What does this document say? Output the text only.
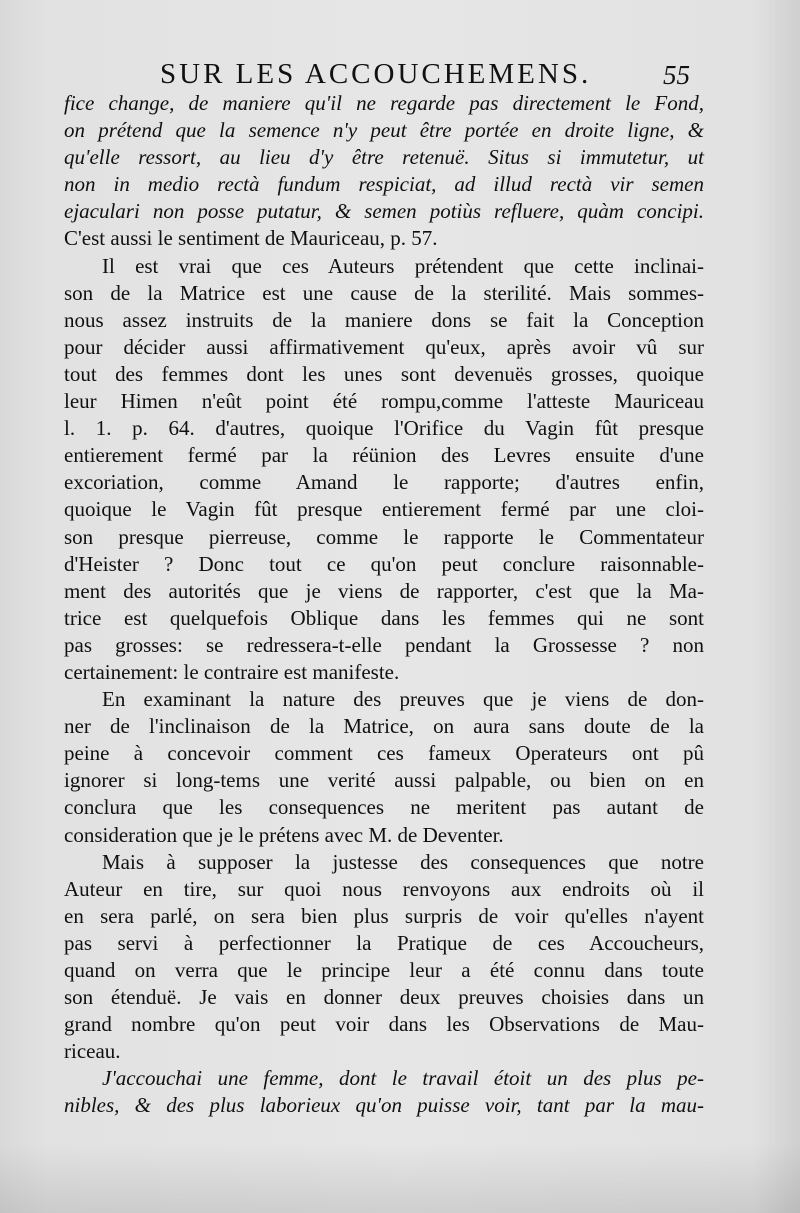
SUR LES ACCOUCHEMENS.	55
fice change, de maniere qu'il ne regarde pas directement le Fond,
on prétend que la semence n'y peut être portée en droite ligne, &
qu'elle ressort, au lieu d'y être retenuë. Situs si immutetur, ut
non in medio rectà fundum respiciat, ad illud rectà vir semen
ejaculari non posse putatur, & semen potiùs refluere, quàm concipi.
C'est aussi le sentiment de Mauriceau, p. 57.
Il est vrai que ces Auteurs prétendent que cette inclinai-
son de la Matrice est une cause de la sterilité. Mais sommes-
nous assez instruits de la maniere dons se fait la Conception
pour décider aussi affirmativement qu'eux, après avoir vû sur
tout des femmes dont les unes sont devenuës grosses, quoique
leur Himen n'eût point été rompu,comme l'atteste Mauriceau
l. 1. p. 64. d'autres, quoique l'Orifice du Vagin fût presque
entierement fermé par la réünion des Levres ensuite d'une
excoriation, comme Amand le rapporte; d'autres enfin,
quoique le Vagin fût presque entierement fermé par une cloi-
son presque pierreuse, comme le rapporte le Commentateur
d'Heister ? Donc tout ce qu'on peut conclure raisonnable-
ment des autorités que je viens de rapporter, c'est que la Ma-
trice est quelquefois Oblique dans les femmes qui ne sont
pas grosses: se redressera-t-elle pendant la Grossesse ? non
certainement: le contraire est manifeste.
En examinant la nature des preuves que je viens de don-
ner de l'inclinaison de la Matrice, on aura sans doute de la
peine à concevoir comment ces fameux Operateurs ont pû
ignorer si long-tems une verité aussi palpable, ou bien on en
conclura que les consequences ne meritent pas autant de
consideration que je le prétens avec M. de Deventer.
Mais à supposer la justesse des consequences que notre
Auteur en tire, sur quoi nous renvoyons aux endroits où il
en sera parlé, on sera bien plus surpris de voir qu'elles n'ayent
pas servi à perfectionner la Pratique de ces Accoucheurs,
quand on verra que le principe leur a été connu dans toute
son étenduë. Je vais en donner deux preuves choisies dans un
grand nombre qu'on peut voir dans les Observations de Mau-
riceau.
J'accouchai une femme, dont le travail étoit un des plus pe-
nibles, & des plus laborieux qu'on puisse voir, tant par la mau-
